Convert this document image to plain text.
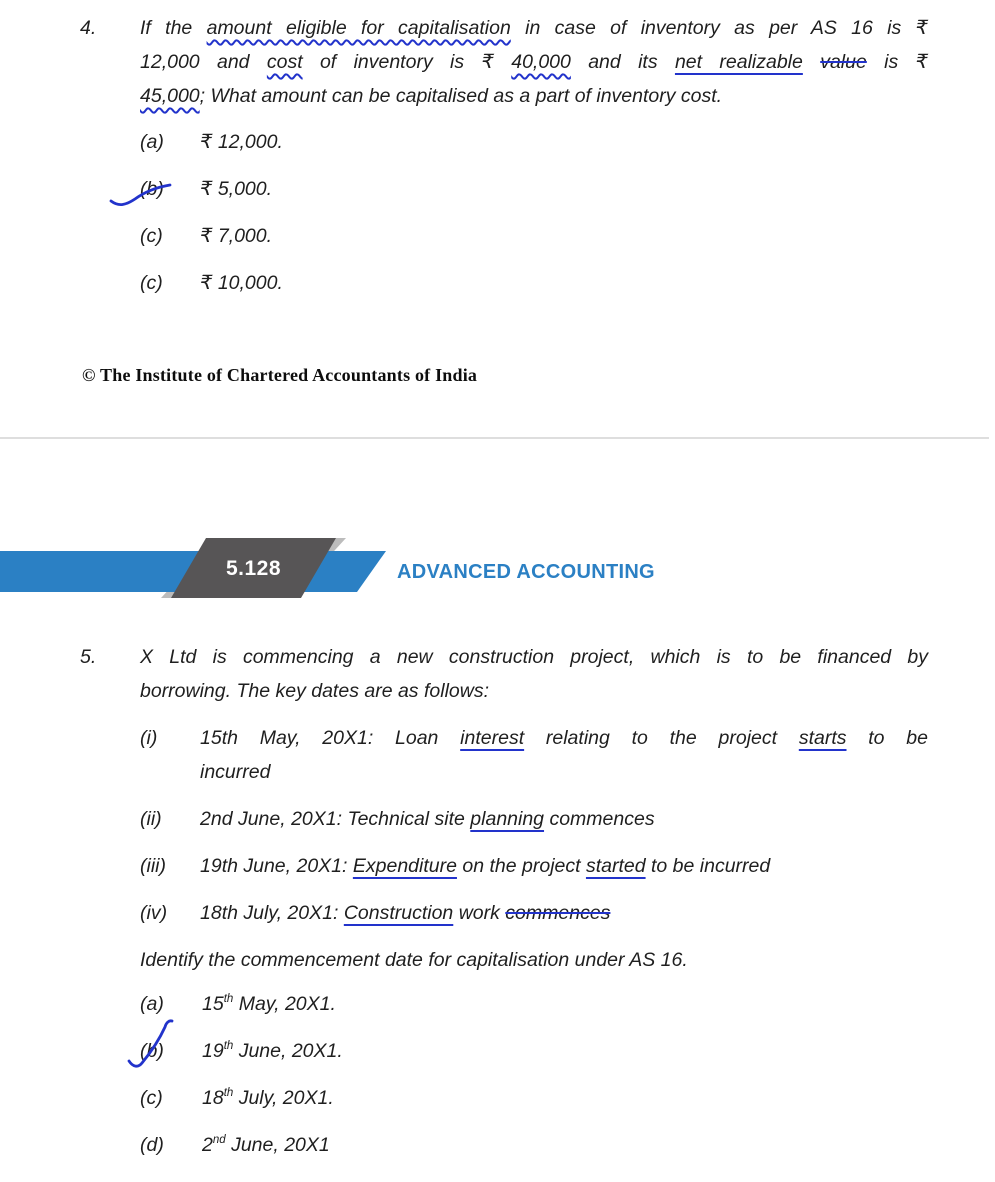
4. If the amount eligible for capitalisation in case of inventory as per AS 16 is ₹
12,000 and cost of inventory is ₹ 40,000 and its net realizable value is ₹
45,000; What amount can be capitalised as a part of inventory cost.
(a) ₹ 12,000.
(b) ₹ 5,000.
(c) ₹ 7,000.
(c) ₹ 10,000.
© The Institute of Chartered Accountants of India
5.128	ADVANCED ACCOUNTING
5. X Ltd is commencing a new construction project, which is to be financed by
borrowing. The key dates are as follows:
(i) 15th May, 20X1: Loan interest relating to the project starts to be
incurred
(ii) 2nd June, 20X1: Technical site planning commences
(iii) 19th June, 20X1: Expenditure on the project started to be incurred
(iv) 18th July, 20X1: Construction work commences
Identify the commencement date for capitalisation under AS 16.
(a) 15th May, 20X1.
(b) 19th June, 20X1.
(c) 18th July, 20X1.
(d) 2nd June, 20X1
